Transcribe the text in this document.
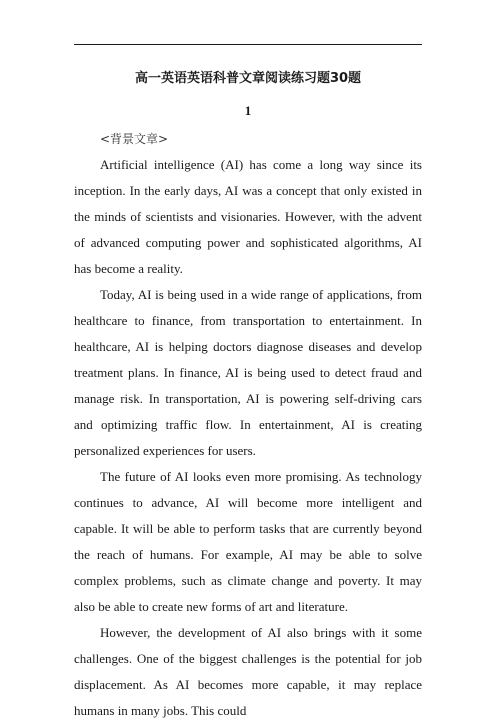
高一英语英语科普文章阅读练习题30题
1

<背景文章>

Artificial intelligence (AI) has come a long way since its inception. In the early days, AI was a concept that only existed in the minds of scientists and visionaries. However, with the advent of advanced computing power and sophisticated algorithms, AI has become a reality.

Today, AI is being used in a wide range of applications, from healthcare to finance, from transportation to entertainment. In healthcare, AI is helping doctors diagnose diseases and develop treatment plans. In finance, AI is being used to detect fraud and manage risk. In transportation, AI is powering self-driving cars and optimizing traffic flow. In entertainment, AI is creating personalized experiences for users.

The future of AI looks even more promising. As technology continues to advance, AI will become more intelligent and capable. It will be able to perform tasks that are currently beyond the reach of humans. For example, AI may be able to solve complex problems, such as climate change and poverty. It may also be able to create new forms of art and literature.

However, the development of AI also brings with it some challenges. One of the biggest challenges is the potential for job displacement. As AI becomes more capable, it may replace humans in many jobs. This could
